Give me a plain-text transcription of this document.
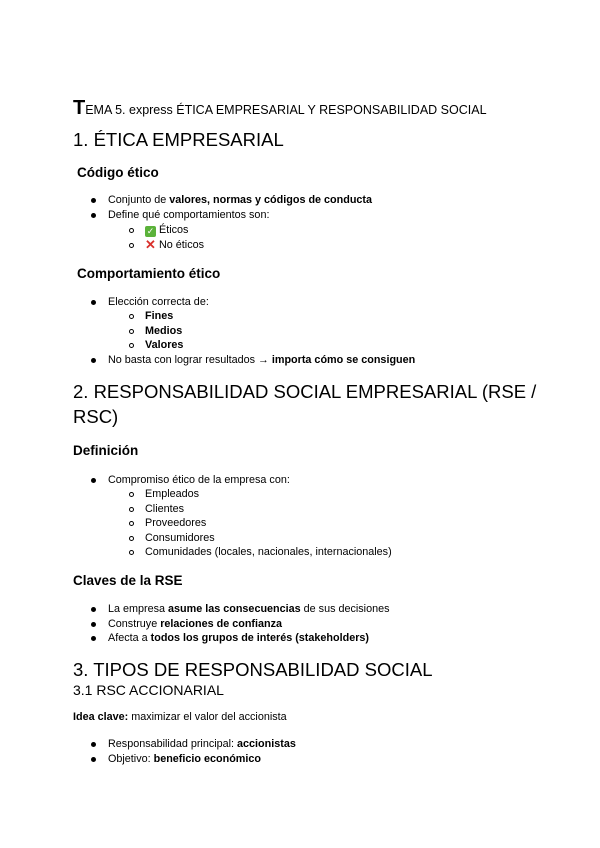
TEMA 5. express ÉTICA EMPRESARIAL Y RESPONSABILIDAD SOCIAL
1. ÉTICA EMPRESARIAL
Código ético
Conjunto de valores, normas y códigos de conducta
Define qué comportamientos son:
✓ Éticos
✕ No éticos
Comportamiento ético
Elección correcta de:
Fines
Medios
Valores
No basta con lograr resultados → importa cómo se consiguen
2. RESPONSABILIDAD SOCIAL EMPRESARIAL (RSE /
RSC)
Definición
Compromiso ético de la empresa con:
Empleados
Clientes
Proveedores
Consumidores
Comunidades (locales, nacionales, internacionales)
Claves de la RSE
La empresa asume las consecuencias de sus decisiones
Construye relaciones de confianza
Afecta a todos los grupos de interés (stakeholders)
3. TIPOS DE RESPONSABILIDAD SOCIAL
3.1 RSC ACCIONARIAL
Idea clave: maximizar el valor del accionista
Responsabilidad principal: accionistas
Objetivo: beneficio económico
